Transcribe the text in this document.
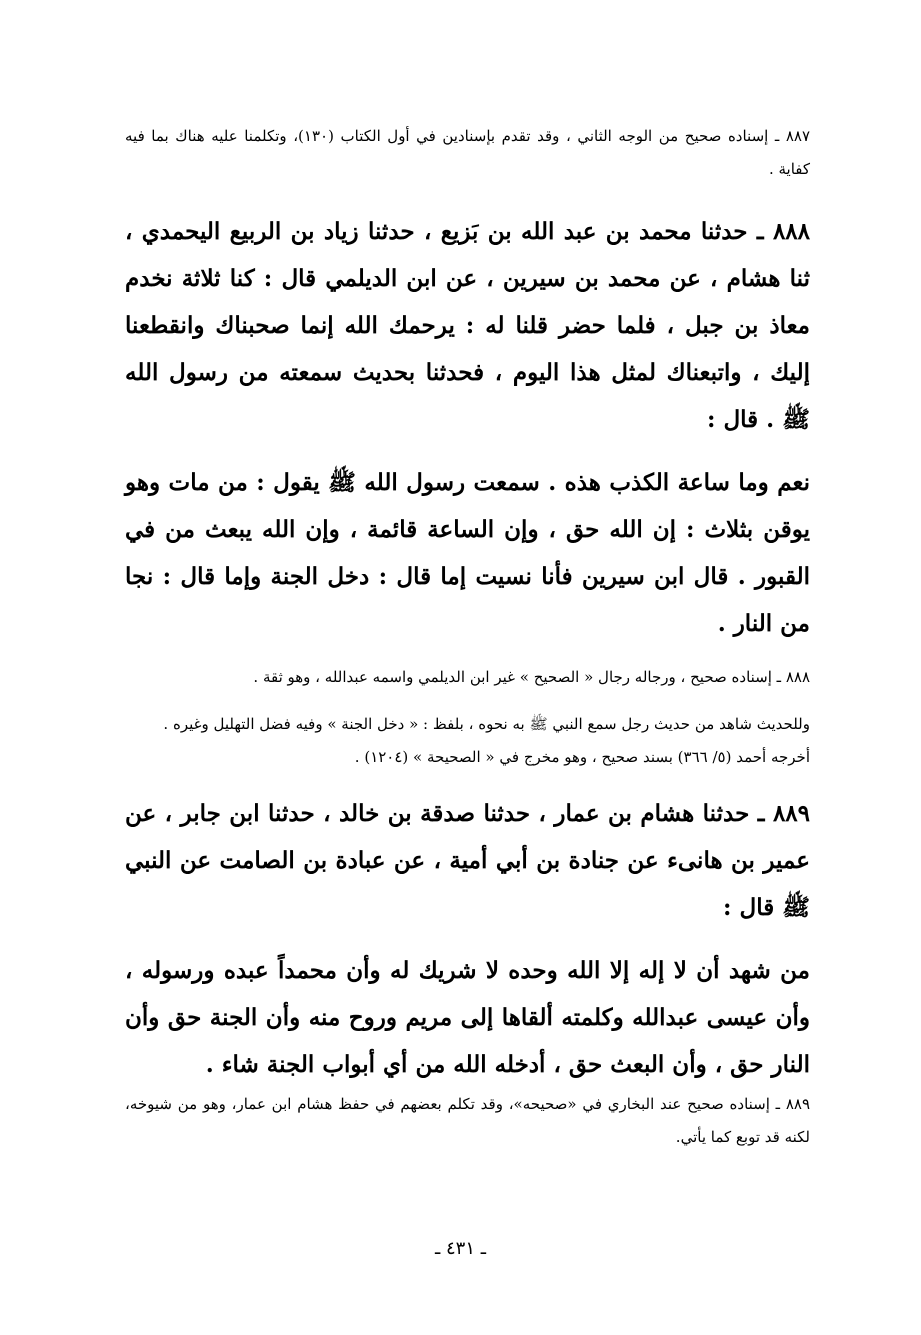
٨٨٧ ـ إسناده صحيح من الوجه الثاني ، وقد تقدم بإسنادين في أول الكتاب (١٣٠)، وتكلمنا عليه هناك بما فيه كفاية .

٨٨٨ ـ حدثنا محمد بن عبد الله بن بَزيع ، حدثنا زياد بن الربيع اليحمدي ، ثنا هشام ، عن محمد بن سيرين ، عن ابن الديلمي قال : كنا ثلاثة نخدم معاذ بن جبل ، فلما حضر قلنا له : يرحمك الله إنما صحبناك وانقطعنا إليك ، واتبعناك لمثل هذا اليوم ، فحدثنا بحديث سمعته من رسول الله ﷺ . قال :

نعم وما ساعة الكذب هذه . سمعت رسول الله ﷺ يقول : من مات وهو يوقن بثلاث : إن الله حق ، وإن الساعة قائمة ، وإن الله يبعث من في القبور . قال ابن سيرين فأنا نسيت إما قال : دخل الجنة وإما قال : نجا من النار .

٨٨٨ ـ إسناده صحيح ، ورجاله رجال « الصحيح » غير ابن الديلمي واسمه عبدالله ، وهو ثقة .

وللحديث شاهد من حديث رجل سمع النبي ﷺ به نحوه ، بلفظ : « دخل الجنة » وفيه فضل التهليل وغيره .

أخرجه أحمد (٥/ ٣٦٦) بسند صحيح ، وهو مخرج في « الصحيحة » (١٢٠٤) .

٨٨٩ ـ حدثنا هشام بن عمار ، حدثنا صدقة بن خالد ، حدثنا ابن جابر ، عن عمير بن هانىء عن جنادة بن أبي أمية ، عن عبادة بن الصامت عن النبي ﷺ قال :

من شهد أن لا إله إلا الله وحده لا شريك له وأن محمداً عبده ورسوله ، وأن عيسى عبدالله وكلمته ألقاها إلى مريم وروح منه وأن الجنة حق وأن النار حق ، وأن البعث حق ، أدخله الله من أي أبواب الجنة شاء .

٨٨٩ ـ إسناده صحيح عند البخاري في «صحيحه»، وقد تكلم بعضهم في حفظ هشام ابن عمار، وهو من شيوخه، لكنه قد توبع كما يأتي.

ـ ٤٣١ ـ
